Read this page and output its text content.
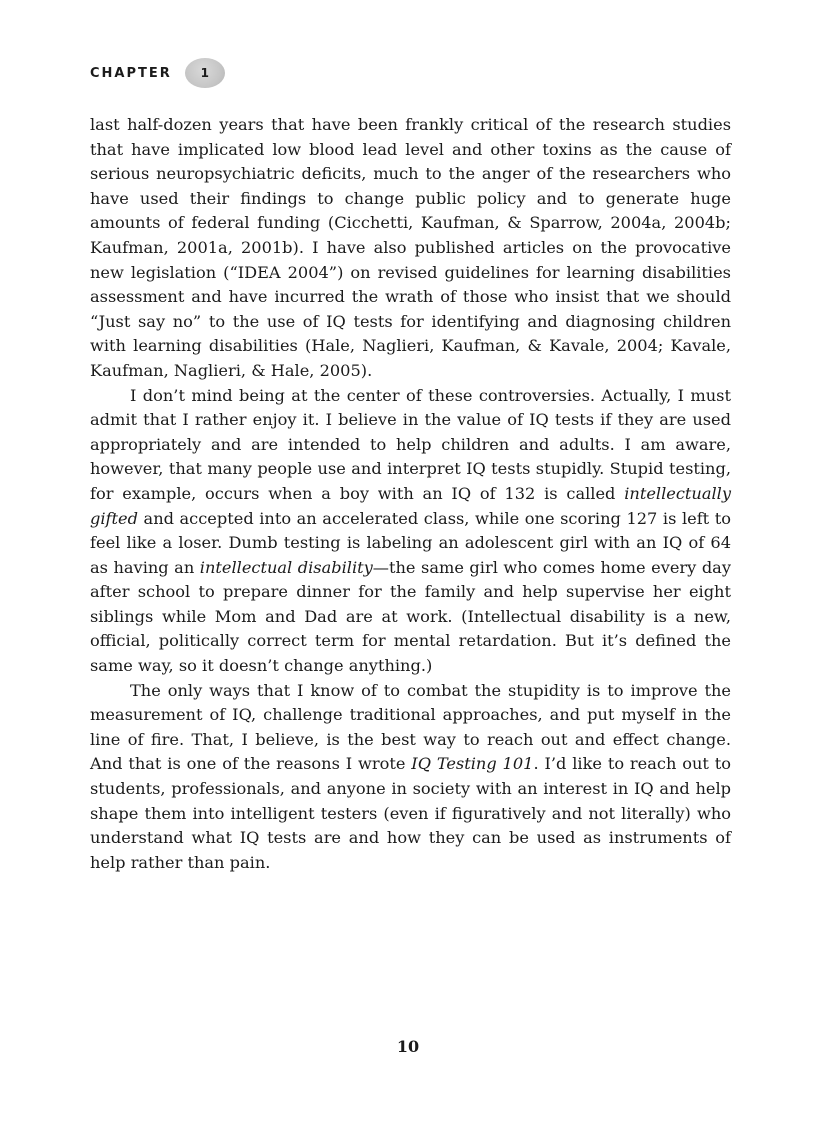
CHAPTER	1

last half-dozen years that have been frankly critical of the research studies that have implicated low blood lead level and other toxins as the cause of serious neuropsychiatric deficits, much to the anger of the researchers who have used their findings to change public policy and to generate huge amounts of federal funding (Cicchetti, Kaufman, & Sparrow, 2004a, 2004b; Kaufman, 2001a, 2001b). I have also published articles on the provocative new legislation (“IDEA 2004”) on revised guidelines for learning disabilities assessment and have incurred the wrath of those who insist that we should “Just say no” to the use of IQ tests for identifying and diagnosing children with learning disabilities (Hale, Naglieri, Kaufman, & Kavale, 2004; Kavale, Kaufman, Naglieri, & Hale, 2005).

I don’t mind being at the center of these controversies. Actually, I must admit that I rather enjoy it. I believe in the value of IQ tests if they are used appropriately and are intended to help children and adults. I am aware, however, that many people use and interpret IQ tests stupidly. Stupid testing, for example, occurs when a boy with an IQ of 132 is called intellectually gifted and accepted into an accelerated class, while one scoring 127 is left to feel like a loser. Dumb testing is labeling an adolescent girl with an IQ of 64 as having an intellectual disability—the same girl who comes home every day after school to prepare dinner for the family and help supervise her eight siblings while Mom and Dad are at work. (Intellectual disability is a new, official, politically correct term for mental retardation. But it’s defined the same way, so it doesn’t change anything.)

The only ways that I know of to combat the stupidity is to improve the measurement of IQ, challenge traditional approaches, and put myself in the line of fire. That, I believe, is the best way to reach out and effect change. And that is one of the reasons I wrote IQ Testing 101. I’d like to reach out to students, professionals, and anyone in society with an interest in IQ and help shape them into intelligent testers (even if figuratively and not literally) who understand what IQ tests are and how they can be used as instruments of help rather than pain.

10
